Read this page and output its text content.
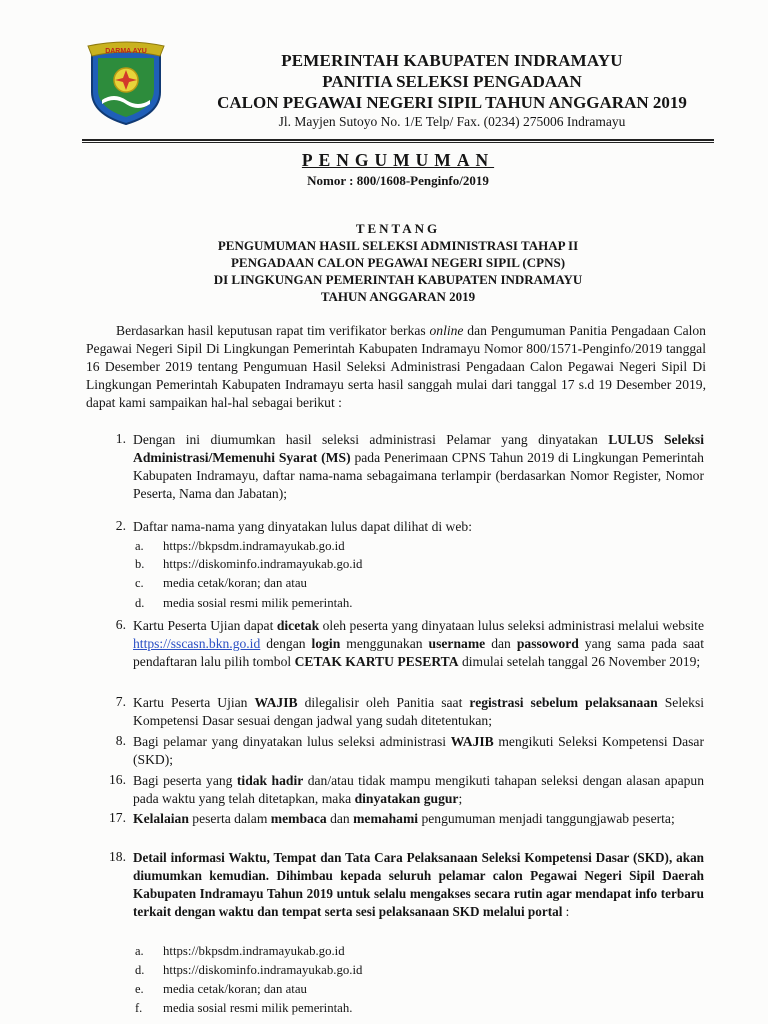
DARMA AYU	PEMERINTAH KABUPATEN INDRAMAYU
PANITIA SELEKSI PENGADAAN
CALON PEGAWAI NEGERI SIPIL TAHUN ANGGARAN 2019
Jl. Mayjen Sutoyo No. 1/E Telp/ Fax. (0234) 275006 Indramayu
PENGUMUMAN
Nomor : 800/1608-Penginfo/2019
TENTANG
PENGUMUMAN HASIL SELEKSI ADMINISTRASI TAHAP II
PENGADAAN CALON PEGAWAI NEGERI SIPIL (CPNS)
DI LINGKUNGAN PEMERINTAH KABUPATEN INDRAMAYU
TAHUN ANGGARAN 2019
Berdasarkan hasil keputusan rapat tim verifikator berkas online dan Pengumuman Panitia Pengadaan Calon Pegawai Negeri Sipil Di Lingkungan Pemerintah Kabupaten Indramayu Nomor 800/1571-Penginfo/2019 tanggal 16 Desember 2019 tentang Pengumuan Hasil Seleksi Administrasi Pengadaan Calon Pegawai Negeri Sipil Di Lingkungan Pemerintah Kabupaten Indramayu serta hasil sanggah mulai dari tanggal 17 s.d 19 Desember 2019, dapat kami sampaikan hal-hal sebagai berikut :
1. Dengan ini diumumkan hasil seleksi administrasi Pelamar yang dinyatakan LULUS Seleksi Administrasi/Memenuhi Syarat (MS) pada Penerimaan CPNS Tahun 2019 di Lingkungan Pemerintah Kabupaten Indramayu, daftar nama-nama sebagaimana terlampir (berdasarkan Nomor Register, Nomor Peserta, Nama dan Jabatan);
2. Daftar nama-nama yang dinyatakan lulus dapat dilihat di web:
a.	https://bkpsdm.indramayukab.go.id
b.	https://diskominfo.indramayukab.go.id
c.	media cetak/koran; dan atau
d.	media sosial resmi milik pemerintah.
6. Kartu Peserta Ujian dapat dicetak oleh peserta yang dinyataan lulus seleksi administrasi melalui website https://sscasn.bkn.go.id dengan login menggunakan username dan passoword yang sama pada saat pendaftaran lalu pilih tombol CETAK KARTU PESERTA dimulai setelah tanggal 26 November 2019;
7. Kartu Peserta Ujian WAJIB dilegalisir oleh Panitia saat registrasi sebelum pelaksanaan Seleksi Kompetensi Dasar sesuai dengan jadwal yang sudah ditetentukan;
8. Bagi pelamar yang dinyatakan lulus seleksi administrasi WAJIB mengikuti Seleksi Kompetensi Dasar (SKD);
16. Bagi peserta yang tidak hadir dan/atau tidak mampu mengikuti tahapan seleksi dengan alasan apapun pada waktu yang telah ditetapkan, maka dinyatakan gugur;
17. Kelalaian peserta dalam membaca dan memahami pengumuman menjadi tanggungjawab peserta;
18. Detail informasi Waktu, Tempat dan Tata Cara Pelaksanaan Seleksi Kompetensi Dasar (SKD), akan diumumkan kemudian. Dihimbau kepada seluruh pelamar calon Pegawai Negeri Sipil Daerah Kabupaten Indramayu Tahun 2019 untuk selalu mengakses secara rutin agar mendapat info terbaru terkait dengan waktu dan tempat serta sesi pelaksanaan SKD melalui portal :
a.	https://bkpsdm.indramayukab.go.id
d.	https://diskominfo.indramayukab.go.id
e.	media cetak/koran; dan atau
f.	media sosial resmi milik pemerintah.
